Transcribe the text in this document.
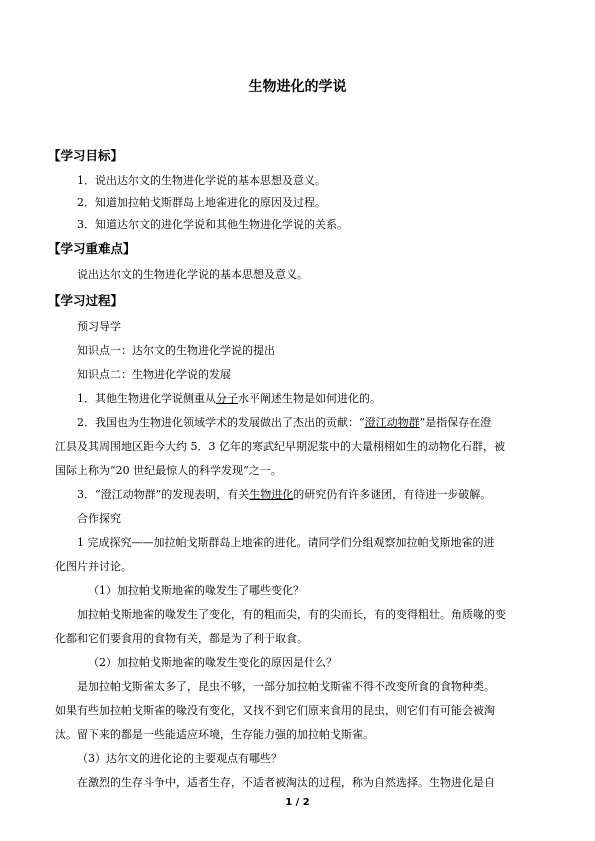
生物进化的学说
【学习目标】
1．说出达尔文的生物进化学说的基本思想及意义。
2．知道加拉帕戈斯群岛上地雀进化的原因及过程。
3．知道达尔文的进化学说和其他生物进化学说的关系。
【学习重难点】
说出达尔文的生物进化学说的基本思想及意义。
【学习过程】
预习导学
知识点一：达尔文的生物进化学说的提出
知识点二：生物进化学说的发展
1．其他生物进化学说侧重从分子水平阐述生物是如何进化的。
2．我国也为生物进化领域学术的发展做出了杰出的贡献：“澄江动物群”是指保存在澄
江县及其周围地区距今大约 5．3 亿年的寒武纪早期泥浆中的大量栩栩如生的动物化石群，被
国际上称为“20 世纪最惊人的科学发现”之一。
3．“澄江动物群”的发现表明，有关生物进化的研究仍有许多谜团，有待进一步破解。
合作探究
1 完成探究——加拉帕戈斯群岛上地雀的进化。请同学们分组观察加拉帕戈斯地雀的进
化图片并讨论。
（1）加拉帕戈斯地雀的喙发生了哪些变化？
加拉帕戈斯地雀的喙发生了变化，有的粗而尖，有的尖而长，有的变得粗壮。角质喙的变
化都和它们要食用的食物有关，都是为了利于取食。
（2）加拉帕戈斯地雀的喙发生变化的原因是什么？
是加拉帕戈斯雀太多了，昆虫不够，一部分加拉帕戈斯雀不得不改变所食的食物种类。
如果有些加拉帕戈斯雀的喙没有变化，又找不到它们原来食用的昆虫，则它们有可能会被淘
汰。留下来的都是一些能适应环境，生存能力强的加拉帕戈斯雀。
（3）达尔文的进化论的主要观点有哪些？
在激烈的生存斗争中，适者生存，不适者被淘汰的过程，称为自然选择。生物进化是自
1 / 2
